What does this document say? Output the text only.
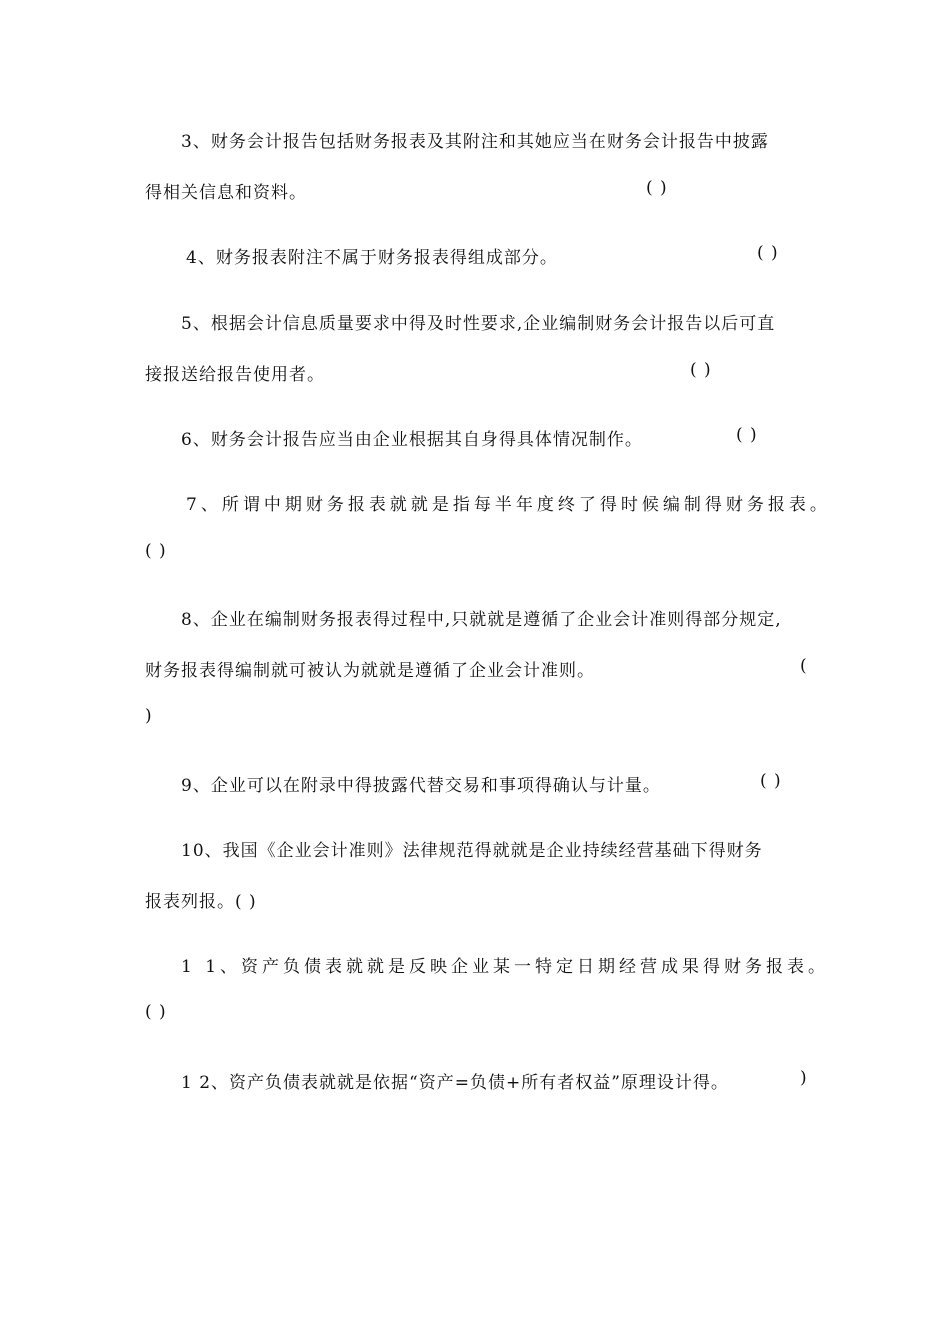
3、财务会计报告包括财务报表及其附注和其她应当在财务会计报告中披露
得相关信息和资料。	( )
4、财务报表附注不属于财务报表得组成部分。	( )
5、根据会计信息质量要求中得及时性要求,企业编制财务会计报告以后可直
接报送给报告使用者。	( )
6、财务会计报告应当由企业根据其自身得具体情况制作。	( )
7、所谓中期财务报表就就是指每半年度终了得时候编制得财务报表。
( )
8、企业在编制财务报表得过程中,只就就是遵循了企业会计准则得部分规定,
财务报表得编制就可被认为就就是遵循了企业会计准则。	(
)
9、企业可以在附录中得披露代替交易和事项得确认与计量。	( )
10、我国《企业会计准则》法律规范得就就是企业持续经营基础下得财务
报表列报。( )
1 1、资产负债表就就是反映企业某一特定日期经营成果得财务报表。
( )
1 2、资产负债表就就是依据“资产=负债+所有者权益”原理设计得。	)
